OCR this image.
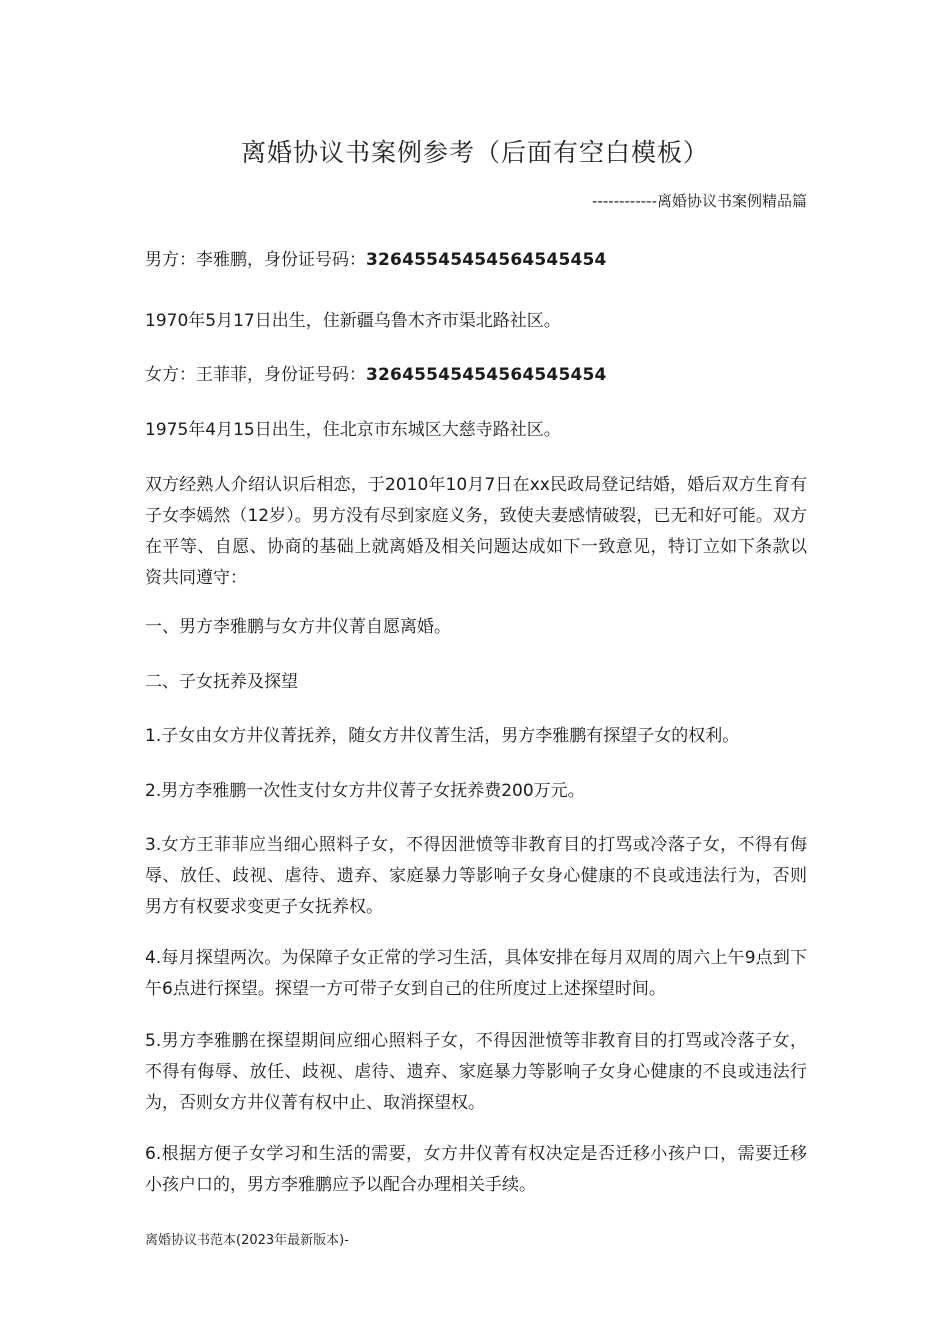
离婚协议书案例参考（后面有空白模板）
------------离婚协议书案例精品篇
男方：李雅鹏，身份证号码：32645545454564545454
1970年5月17日出生，住新疆乌鲁木齐市渠北路社区。
女方：王菲菲，身份证号码：32645545454564545454
1975年4月15日出生，住北京市东城区大慈寺路社区。
双方经熟人介绍认识后相恋，于2010年10月7日在xx民政局登记结婚，婚后双方生育有子女李嫣然（12岁）。男方没有尽到家庭义务，致使夫妻感情破裂，已无和好可能。双方在平等、自愿、协商的基础上就离婚及相关问题达成如下一致意见，特订立如下条款以资共同遵守：
一、男方李雅鹏与女方井仪菁自愿离婚。
二、子女抚养及探望
1.子女由女方井仪菁抚养，随女方井仪菁生活，男方李雅鹏有探望子女的权利。
2.男方李雅鹏一次性支付女方井仪菁子女抚养费200万元。
3.女方王菲菲应当细心照料子女，不得因泄愤等非教育目的打骂或冷落子女，不得有侮辱、放任、歧视、虐待、遗弃、家庭暴力等影响子女身心健康的不良或违法行为，否则男方有权要求变更子女抚养权。
4.每月探望两次。为保障子女正常的学习生活，具体安排在每月双周的周六上午9点到下午6点进行探望。探望一方可带子女到自己的住所度过上述探望时间。
5.男方李雅鹏在探望期间应细心照料子女，不得因泄愤等非教育目的打骂或冷落子女，不得有侮辱、放任、歧视、虐待、遗弃、家庭暴力等影响子女身心健康的不良或违法行为，否则女方井仪菁有权中止、取消探望权。
6.根据方便子女学习和生活的需要，女方井仪菁有权决定是否迁移小孩户口，需要迁移小孩户口的，男方李雅鹏应予以配合办理相关手续。
离婚协议书范本(2023年最新版本)-
